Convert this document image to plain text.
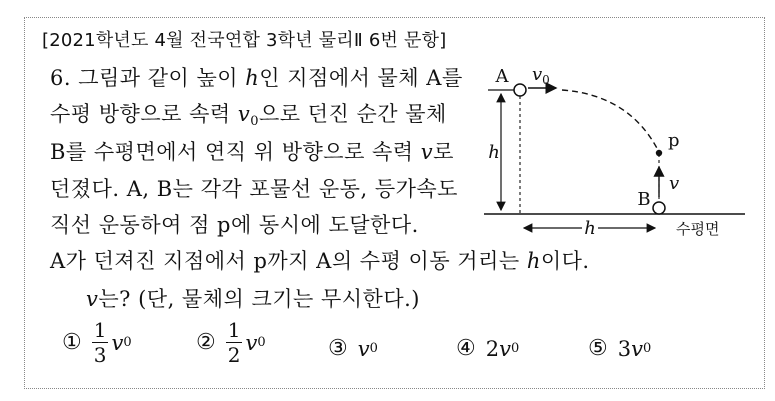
[2021학년도 4월 전국연합 3학년 물리Ⅱ 6번 문항]
6. 그림과 같이 높이 h인 지점에서 물체 A를
수평 방향으로 속력 $v_0$으로 던진 순간 물체
B를 수평면에서 연직 위 방향으로 속력 v로
던졌다. A, B는 각각 포물선 운동, 등가속도
직선 운동하여 점 p에 동시에 도달한다.
A가 던져진 지점에서 p까지 A의 수평 이동 거리는 h이다.
v는? (단, 물체의 크기는 무시한다.)
① $\frac{1}{3}$ v 0	② $\frac{1}{2}$ v 0	③ v 0	④ 2 v 0	⑤ 3 v 0
h
A $v_0$
p
B
v
h	수평면
